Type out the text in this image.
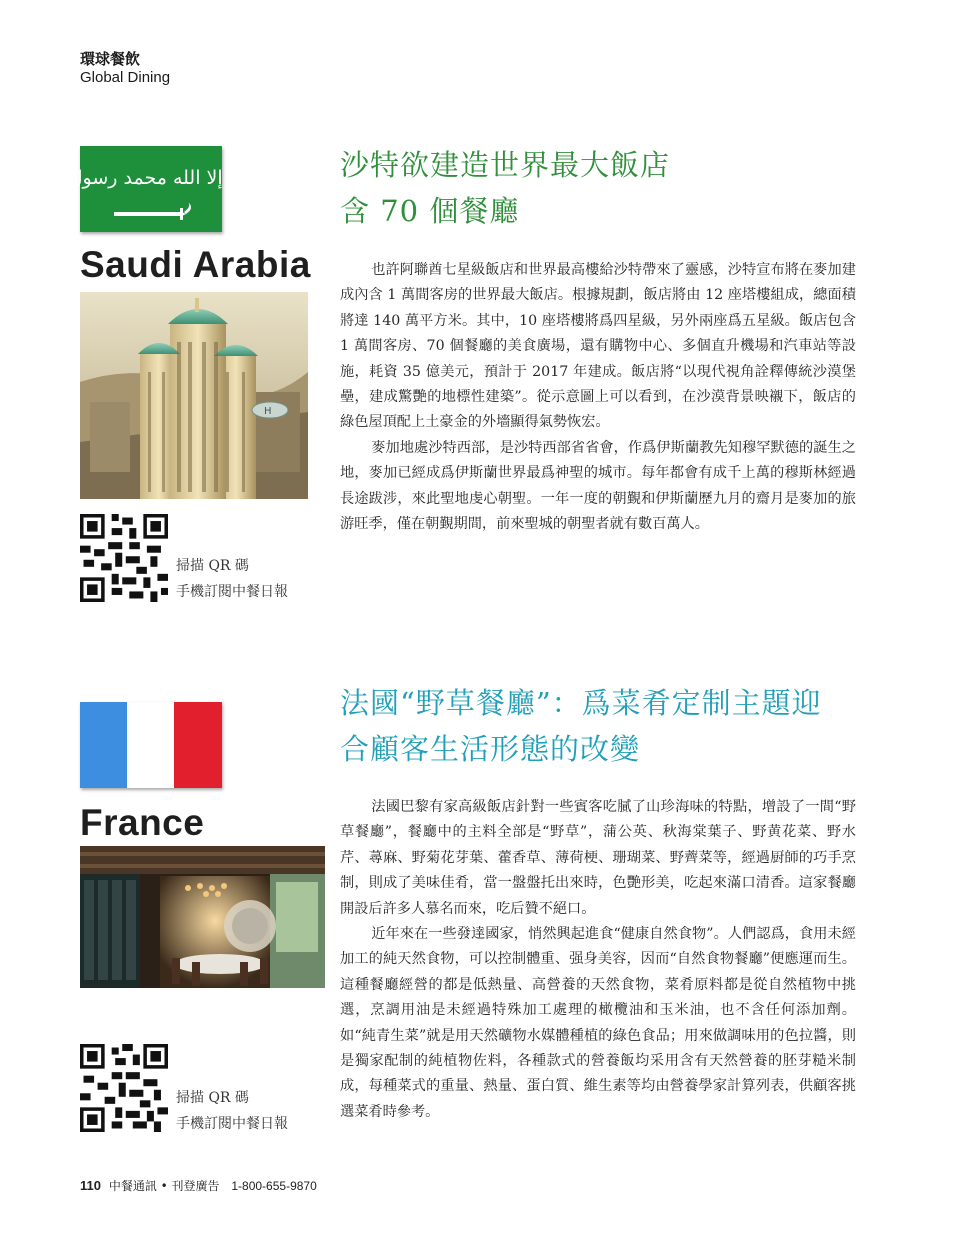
環球餐飲
Global Dining
لا إله إلا الله محمد رسول الله
Saudi Arabia
H
掃描 QR 碼
手機訂閱中餐日報
沙特欲建造世界最大飯店
含 70 個餐廳

也許阿聯酋七星級飯店和世界最高樓給沙特帶來了靈感，沙特宣布將在麥加建成內含 1 萬間客房的世界最大飯店。根據規劃，飯店將由 12 座塔樓組成，總面積將達 140 萬平方米。其中，10 座塔樓將爲四星級，另外兩座爲五星級。飯店包含 1 萬間客房、70 個餐廳的美食廣場，還有購物中心、多個直升機場和汽車站等設施，耗資 35 億美元，預計于 2017 年建成。飯店將“以現代視角詮釋傳統沙漠堡壘，建成驚艷的地標性建築”。從示意圖上可以看到，在沙漠背景映襯下，飯店的綠色屋頂配上土豪金的外墻顯得氣勢恢宏。

麥加地處沙特西部，是沙特西部省省會，作爲伊斯蘭教先知穆罕默德的誕生之地，麥加已經成爲伊斯蘭世界最爲神聖的城市。每年都會有成千上萬的穆斯林經過長途跋涉，來此聖地虔心朝聖。一年一度的朝覲和伊斯蘭歷九月的齋月是麥加的旅游旺季，僅在朝覲期間，前來聖城的朝聖者就有數百萬人。

France
掃描 QR 碼
手機訂閱中餐日報
法國“野草餐廳”：爲菜肴定制主題迎
合顧客生活形態的改變

法國巴黎有家高級飯店針對一些賓客吃膩了山珍海味的特點，增設了一間“野草餐廳”，餐廳中的主料全部是“野草”，蒲公英、秋海棠葉子、野黄花菜、野水芹、蕁麻、野菊花芽葉、藿香草、薄荷梗、珊瑚菜、野薺菜等，經過厨師的巧手烹制，則成了美味佳肴，當一盤盤托出來時，色艷形美，吃起來滿口清香。這家餐廳開設后許多人慕名而來，吃后贊不絕口。

近年來在一些發達國家，悄然興起進食“健康自然食物”。人們認爲，食用未經加工的純天然食物，可以控制體重、强身美容，因而“自然食物餐廳”便應運而生。這種餐廳經營的都是低熱量、高營養的天然食物，菜肴原料都是從自然植物中挑選，烹調用油是未經過特殊加工處理的橄欖油和玉米油，也不含任何添加劑。如“純青生菜”就是用天然礦物水媒體種植的綠色食品；用來做調味用的色拉醬，則是獨家配制的純植物佐料，各種款式的營養飯均采用含有天然營養的胚芽糙米制成，每種菜式的重量、熱量、蛋白質、維生素等均由營養學家計算列表，供顧客挑選菜肴時參考。

110 中餐通訊 • 刊登廣告 1-800-655-9870
